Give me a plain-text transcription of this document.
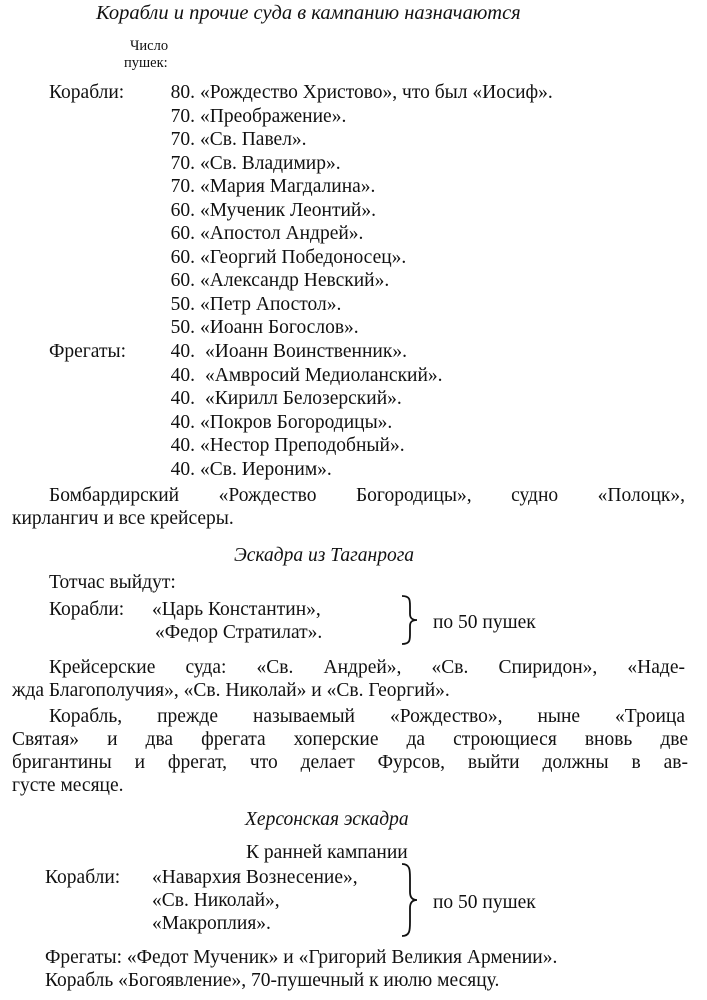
Корабли и прочие суда в кампанию назначаются
Число
пушек:
Корабли:
Фрегаты:
80. «Рождество Христово», что был «Иосиф».
70. «Преображение».
70. «Св. Павел».
70. «Св. Владимир».
70. «Мария Магдалина».
60. «Мученик Леонтий».
60. «Апостол Андрей».
60. «Георгий Победоносец».
60. «Александр Невский».
50. «Петр Апостол».
50. «Иоанн Богослов».
40. «Иоанн Воинственник».
40. «Амвросий Медиоланский».
40. «Кирилл Белозерский».
40. «Покров Богородицы».
40. «Нестор Преподобный».
40. «Св. Иероним».
Бомбардирский «Рождество Богородицы», судно «Полоцк»,
кирлангич и все крейсеры.
Эскадра из Таганрога
Тотчас выйдут:
Корабли: «Царь Константин»,
«Федор Стратилат».	по 50 пушек
Крейсерские суда: «Св. Андрей», «Св. Спиридон», «Наде-
жда Благополучия», «Св. Николай» и «Св. Георгий».
Корабль, прежде называемый «Рождество», ныне «Троица
Святая» и два фрегата хоперские да строющиеся вновь две
бригантины и фрегат, что делает Фурсов, выйти должны в ав-
густе месяце.
Херсонская эскадра
К ранней кампании
Корабли: «Навархия Вознесение»,
«Св. Николай»,
«Макроплия».
по 50 пушек
Фрегаты: «Федот Мученик» и «Григорий Великия Армении».
Корабль «Богоявление», 70-пушечный к июлю месяцу.
